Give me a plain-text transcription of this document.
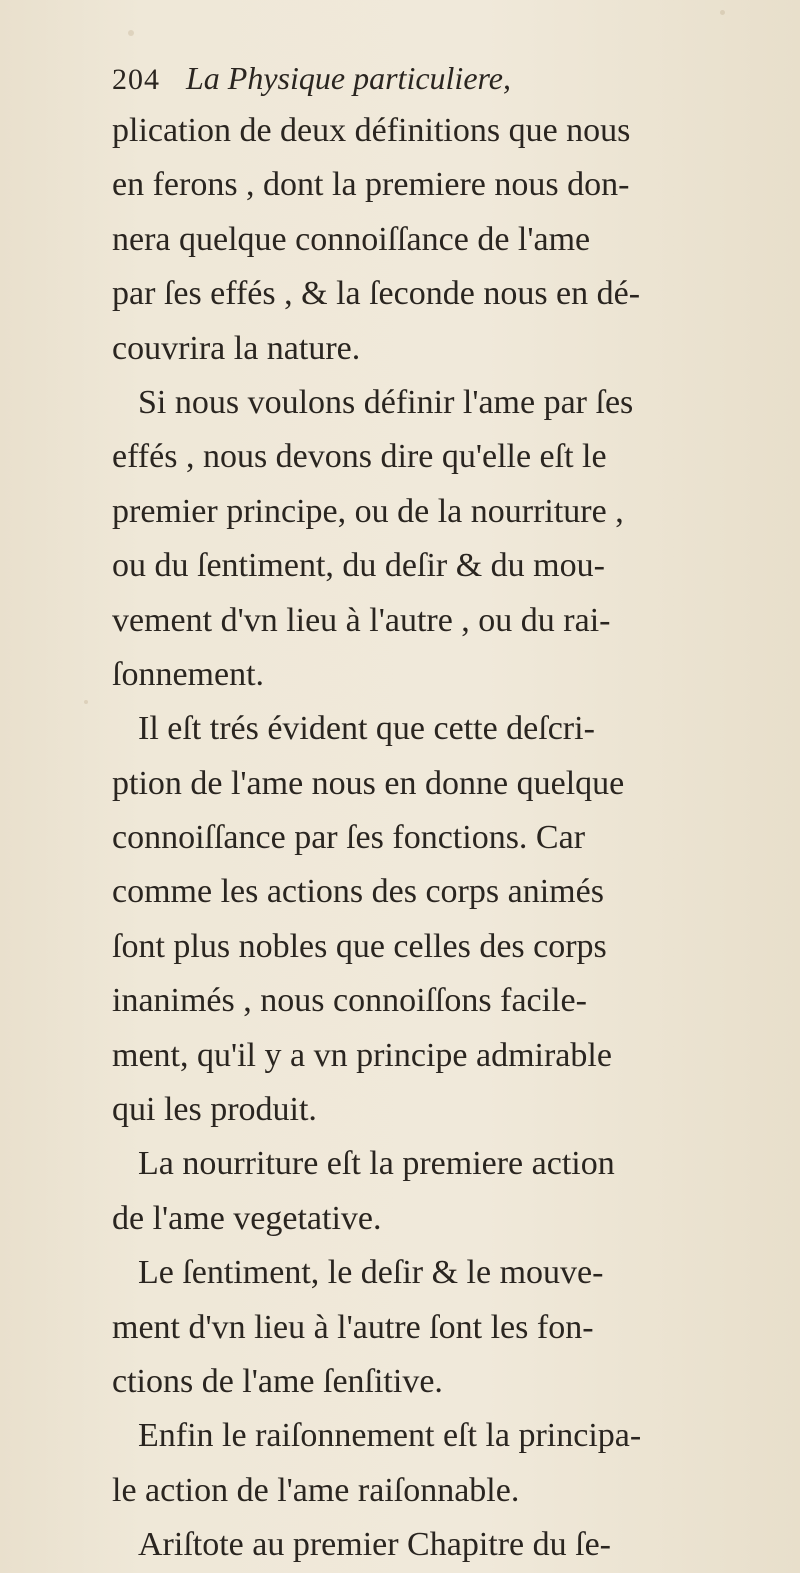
204 La Physique particuliere,
plication de deux définitions que nous
en ferons , dont la premiere nous don-
nera quelque connoiſſance de l'ame
par ſes effés , & la ſeconde nous en dé-
couvrira la nature.
Si nous voulons définir l'ame par ſes
effés , nous devons dire qu'elle eſt le
premier principe, ou de la nourriture ,
ou du ſentiment, du deſir & du mou-
vement d'vn lieu à l'autre , ou du rai-
ſonnement.
Il eſt trés évident que cette deſcri-
ption de l'ame nous en donne quelque
connoiſſance par ſes fonctions. Car
comme les actions des corps animés
ſont plus nobles que celles des corps
inanimés , nous connoiſſons facile-
ment, qu'il y a vn principe admirable
qui les produit.
La nourriture eſt la premiere action
de l'ame vegetative.
Le ſentiment, le deſir & le mouve-
ment d'vn lieu à l'autre ſont les fon-
ctions de l'ame ſenſitive.
Enfin le raiſonnement eſt la principa-
le action de l'ame raiſonnable.
Ariſtote au premier Chapitre du ſe-
